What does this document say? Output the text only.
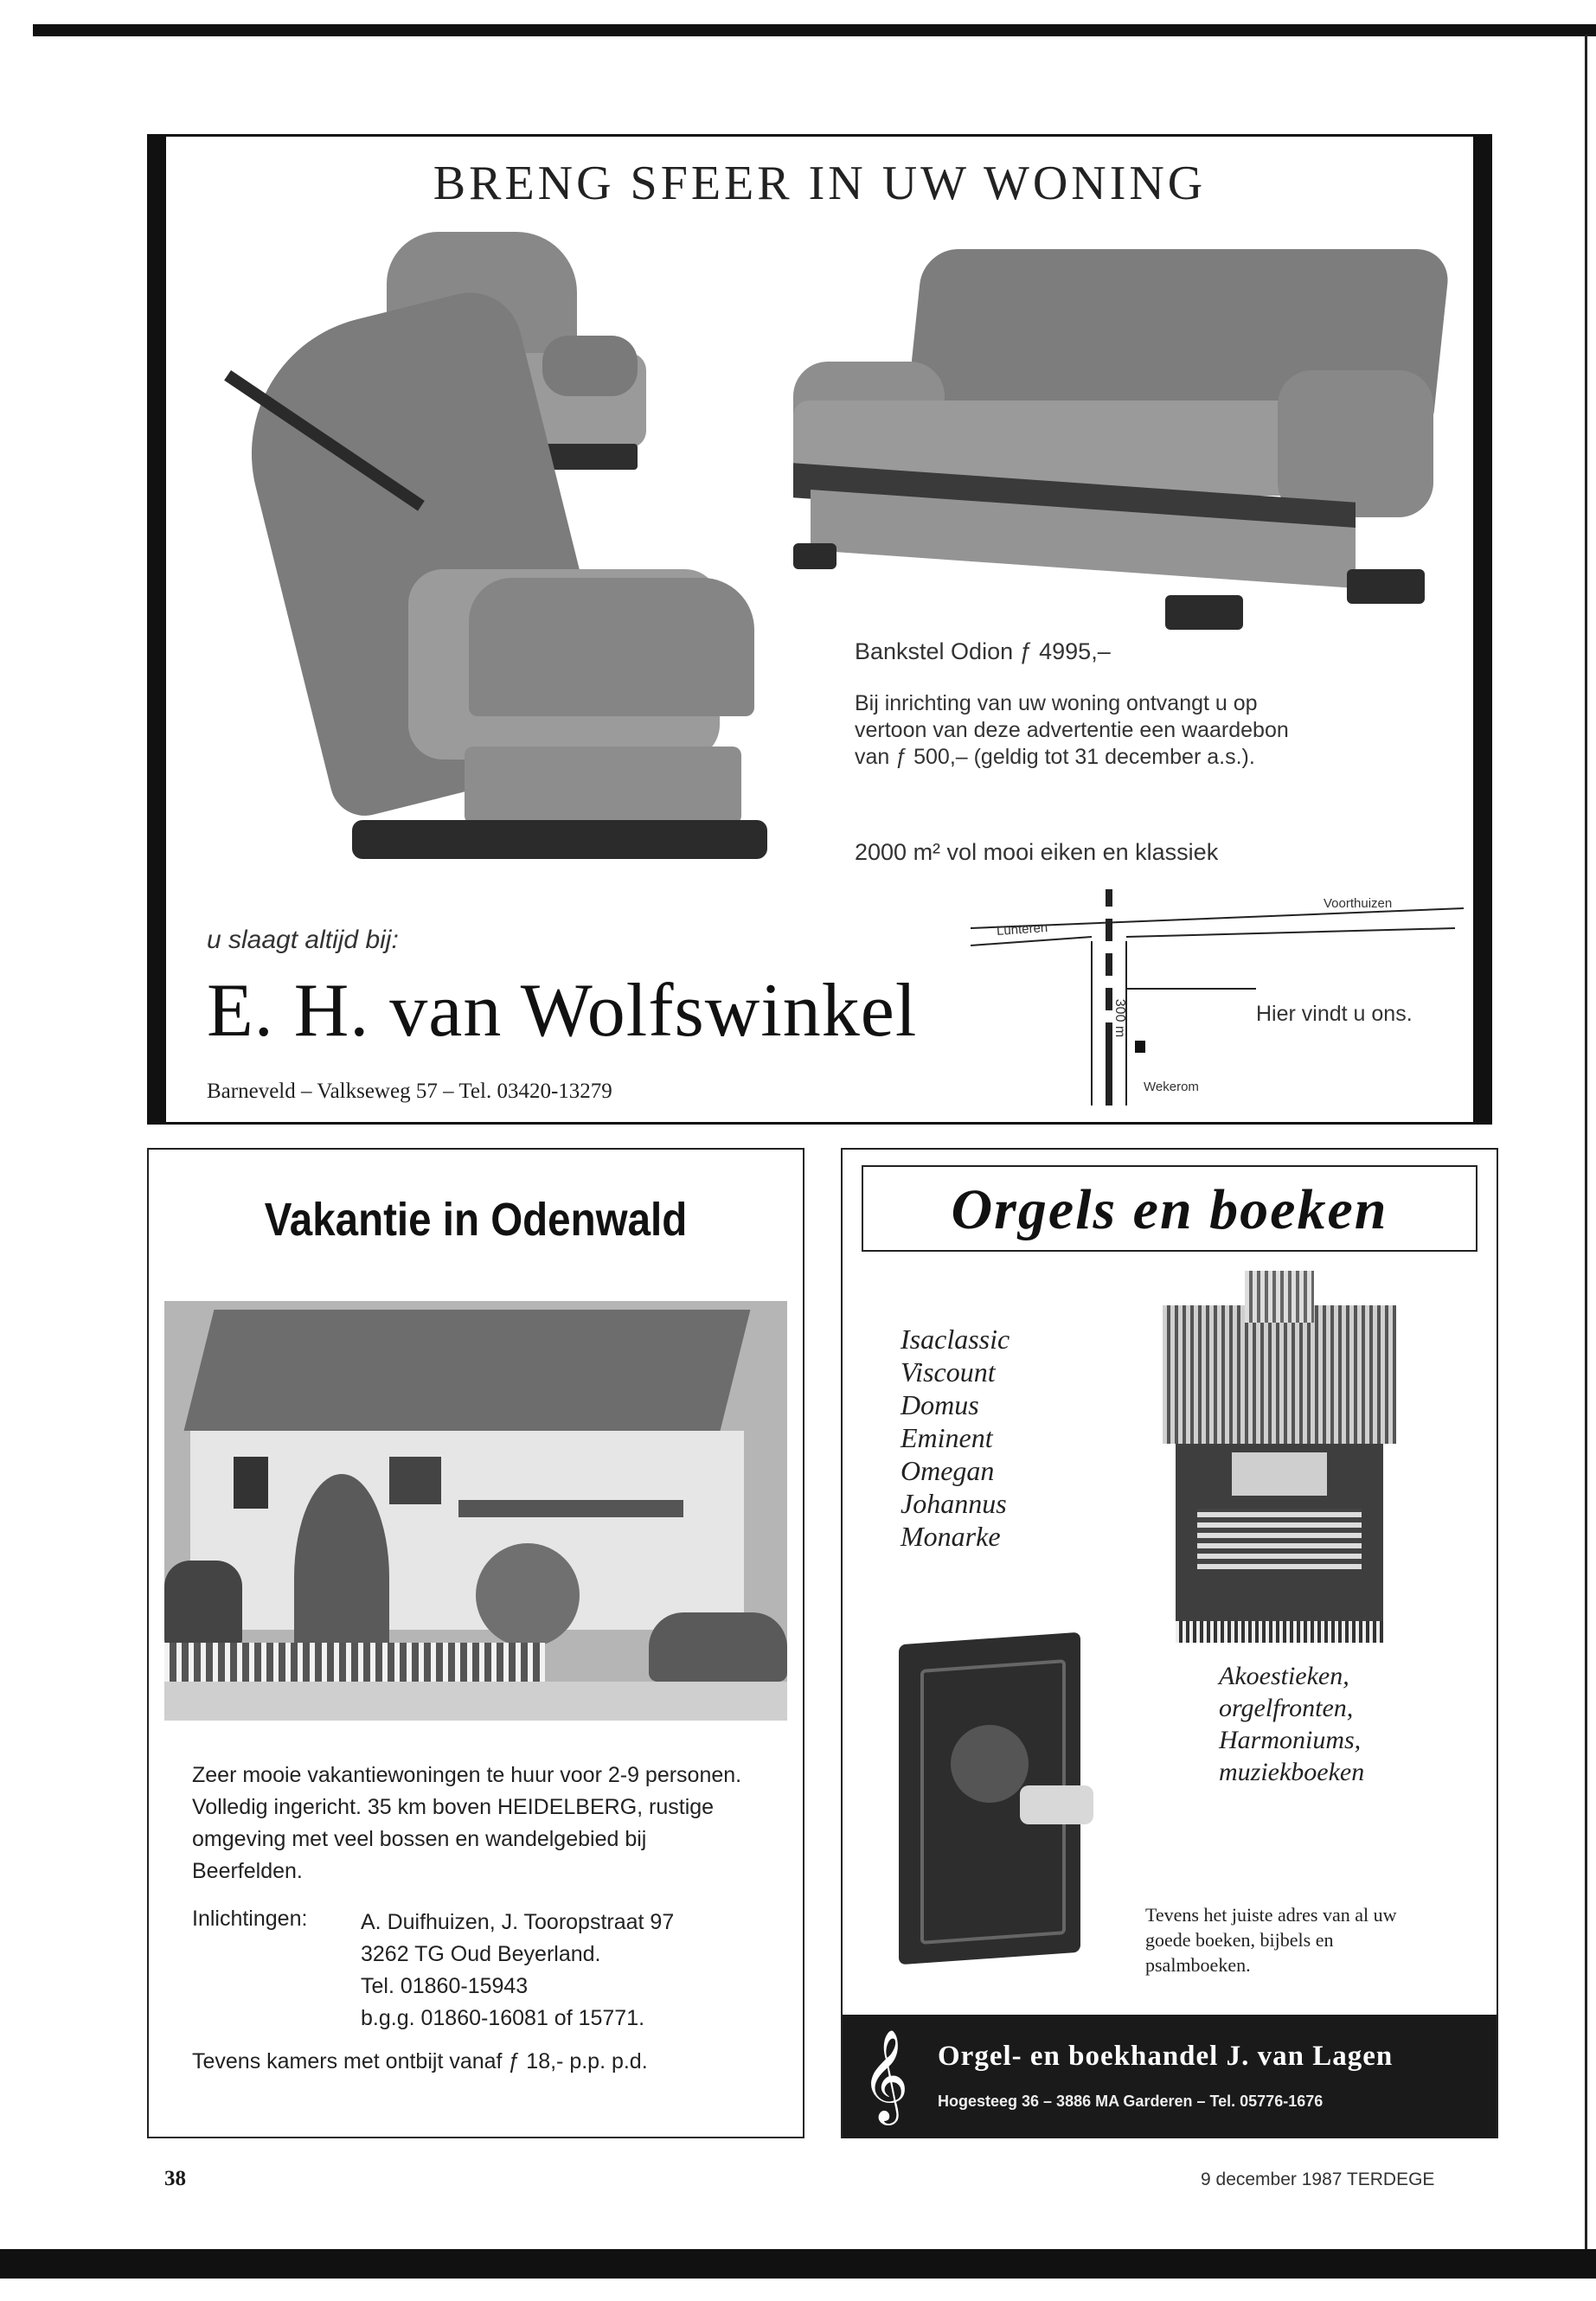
BRENG SFEER IN UW WONING
Bankstel Odion ƒ 4995,–
Bij inrichting van uw woning ontvangt u op vertoon van deze advertentie een waardebon van ƒ 500,– (geldig tot 31 december a.s.).
2000 m² vol mooi eiken en klassiek
u slaagt altijd bij:
E. H. van Wolfswinkel
Barneveld – Valkseweg 57 – Tel. 03420-13279
Lunteren
Voorthuizen
300 m
Wekerom
Hier vindt u ons.
Vakantie in Odenwald
Zeer mooie vakantiewoningen te huur voor 2-9 personen. Volledig ingericht. 35 km boven HEIDELBERG, rustige omgeving met veel bossen en wandelgebied bij Beerfelden.
Inlichtingen: A. Duifhuizen, J. Tooropstraat 97
3262 TG Oud Beyerland.
Tel. 01860-15943
b.g.g. 01860-16081 of 15771.
Tevens kamers met ontbijt vanaf ƒ 18,- p.p. p.d.
Orgels en boeken
Isaclassic
Viscount
Domus
Eminent
Omegan
Johannus
Monarke
Akoestieken,
orgelfronten,
Harmoniums,
muziekboeken
Tevens het juiste adres van al uw goede boeken, bijbels en psalmboeken.
𝄞 Orgel- en boekhandel J. van Lagen
Hogesteeg 36 – 3886 MA Garderen – Tel. 05776-1676
38	9 december 1987 TERDEGE
